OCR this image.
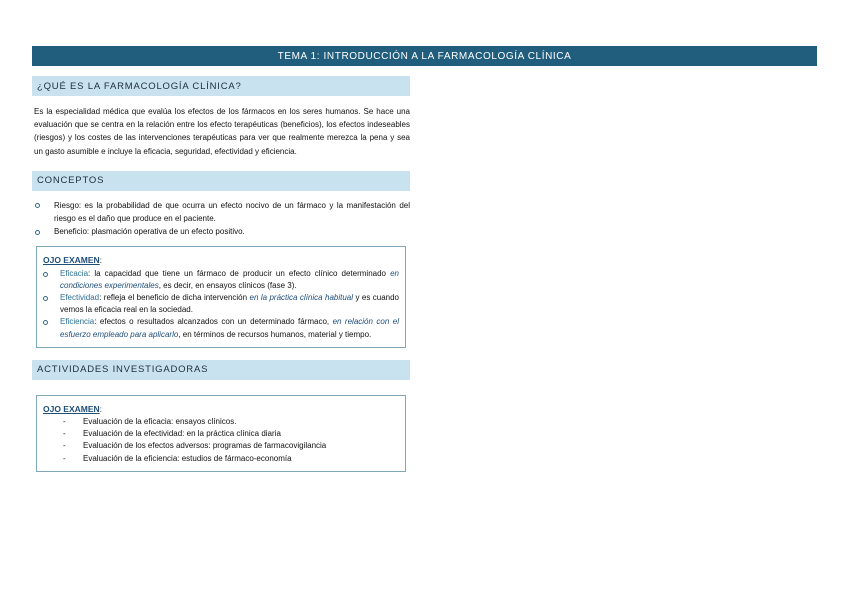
TEMA 1: INTRODUCCIÓN A LA FARMACOLOGÍA CLÍNICA
¿QUÉ ES LA FARMACOLOGÍA CLÍNICA?

Es la especialidad médica que evalúa los efectos de los fármacos en los seres humanos. Se hace una evaluación que se centra en la relación entre los efecto terapéuticas (beneficios), los efectos indeseables (riesgos) y los costes de las intervenciones terapéuticas para ver que realmente merezca la pena y sea un gasto asumible e incluye la eficacia, seguridad, efectividad y eficiencia.

CONCEPTOS
Riesgo: es la probabilidad de que ocurra un efecto nocivo de un fármaco y la manifestación del riesgo es el daño que produce en el paciente.
Beneficio: plasmación operativa de un efecto positivo.
OJO EXAMEN:
Eficacia: la capacidad que tiene un fármaco de producir un efecto clínico determinado en condiciones experimentales, es decir, en ensayos clínicos (fase 3).
Efectividad: refleja el beneficio de dicha intervención en la práctica clínica habitual y es cuando vemos la eficacia real en la sociedad.
Eficiencia: efectos o resultados alcanzados con un determinado fármaco, en relación con el esfuerzo empleado para aplicarlo, en términos de recursos humanos, material y tiempo.
ACTIVIDADES INVESTIGADORAS
OJO EXAMEN:
- Evaluación de la eficacia: ensayos clínicos.
- Evaluación de la efectividad: en la práctica clínica diaria
- Evaluación de los efectos adversos: programas de farmacovigilancia
- Evaluación de la eficiencia: estudios de fármaco-economía
